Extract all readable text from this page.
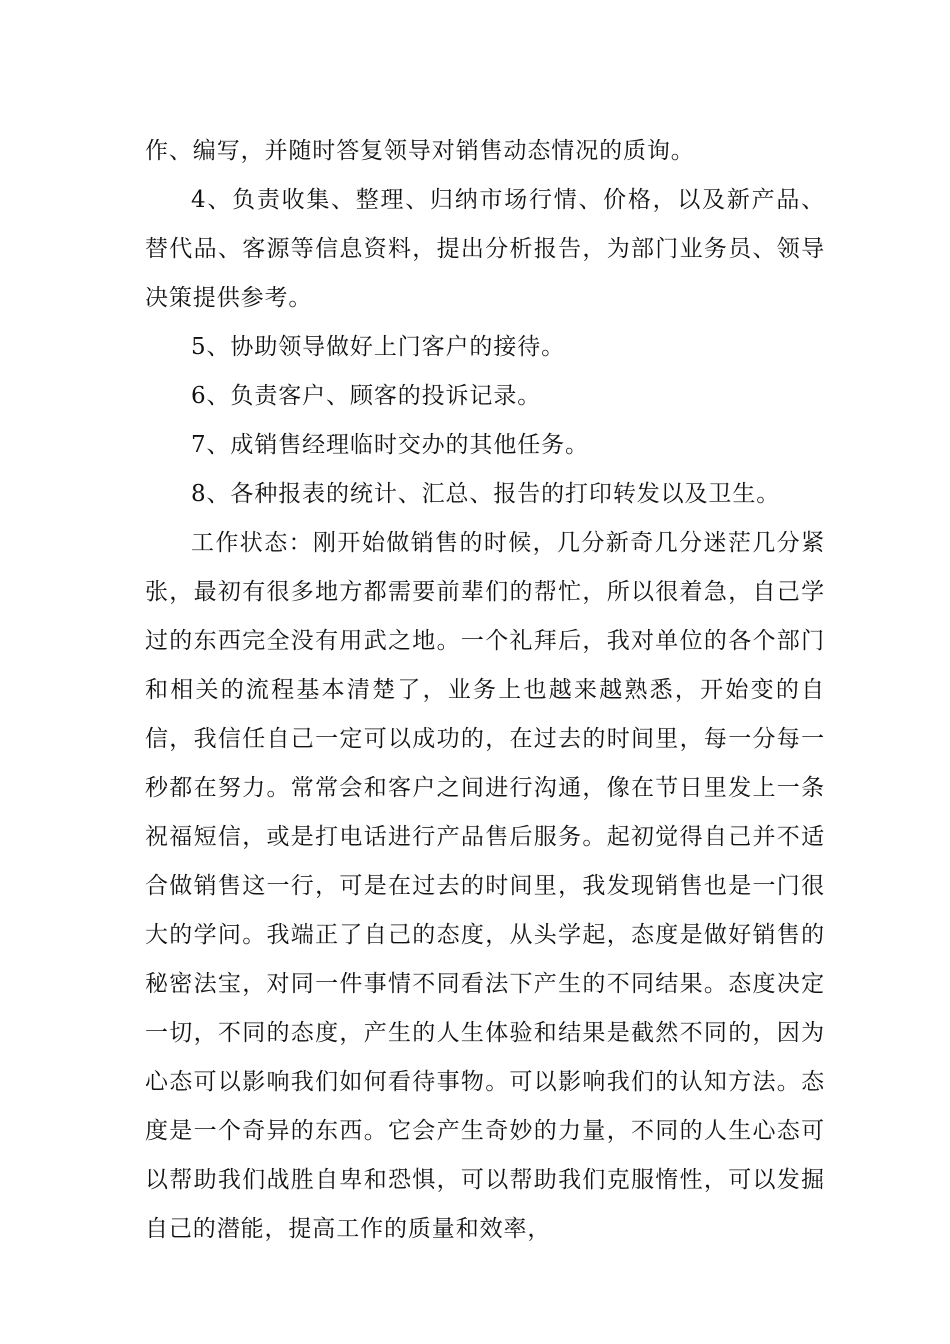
作、编写，并随时答复领导对销售动态情况的质询。

4、负责收集、整理、归纳市场行情、价格，以及新产品、替代品、客源等信息资料，提出分析报告，为部门业务员、领导决策提供参考。

5、协助领导做好上门客户的接待。

6、负责客户、顾客的投诉记录。

7、成销售经理临时交办的其他任务。

8、各种报表的统计、汇总、报告的打印转发以及卫生。

工作状态：刚开始做销售的时候，几分新奇几分迷茫几分紧张，最初有很多地方都需要前辈们的帮忙，所以很着急，自己学过的东西完全没有用武之地。一个礼拜后，我对单位的各个部门和相关的流程基本清楚了，业务上也越来越熟悉，开始变的自信，我信任自己一定可以成功的，在过去的时间里，每一分每一秒都在努力。常常会和客户之间进行沟通，像在节日里发上一条祝福短信，或是打电话进行产品售后服务。起初觉得自己并不适合做销售这一行，可是在过去的时间里，我发现销售也是一门很大的学问。我端正了自己的态度，从头学起，态度是做好销售的秘密法宝，对同一件事情不同看法下产生的不同结果。态度决定一切，不同的态度，产生的人生体验和结果是截然不同的，因为心态可以影响我们如何看待事物。可以影响我们的认知方法。态度是一个奇异的东西。它会产生奇妙的力量，不同的人生心态可以帮助我们战胜自卑和恐惧，可以帮助我们克服惰性，可以发掘自己的潜能，提高工作的质量和效率，
